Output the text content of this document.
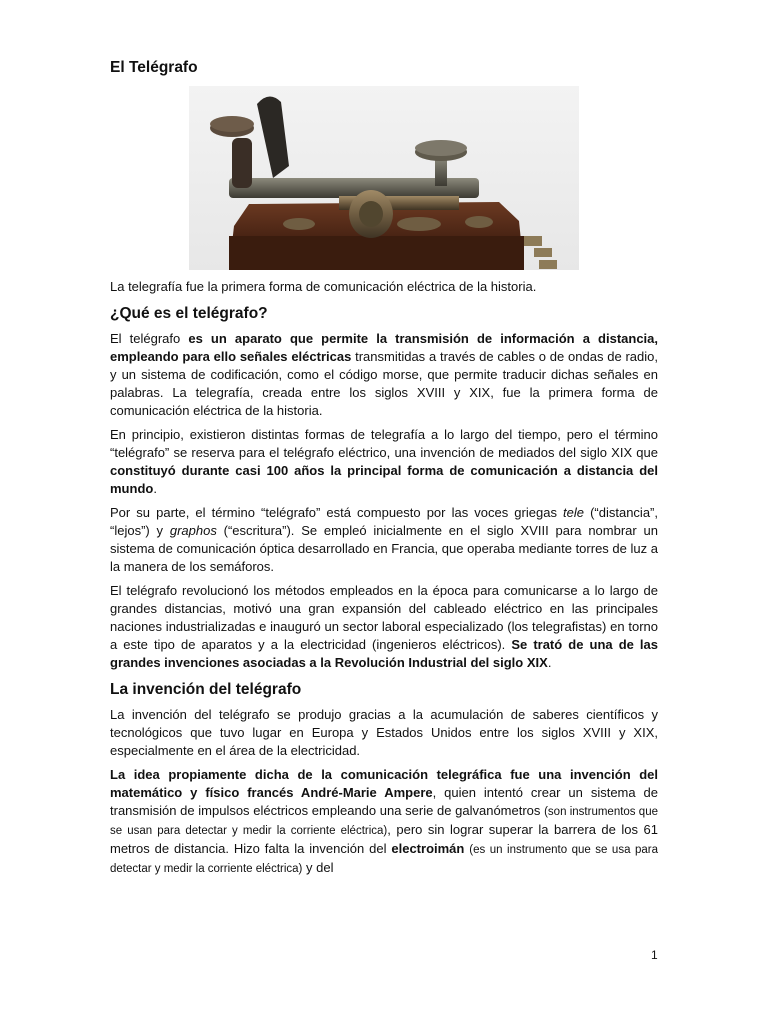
El Telégrafo

La telegrafía fue la primera forma de comunicación eléctrica de la historia.

¿Qué es el telégrafo?

El telégrafo es un aparato que permite la transmisión de información a distancia, empleando para ello señales eléctricas transmitidas a través de cables o de ondas de radio, y un sistema de codificación, como el código morse, que permite traducir dichas señales en palabras. La telegrafía, creada entre los siglos XVIII y XIX, fue la primera forma de comunicación eléctrica de la historia.

En principio, existieron distintas formas de telegrafía a lo largo del tiempo, pero el término “telégrafo” se reserva para el telégrafo eléctrico, una invención de mediados del siglo XIX que constituyó durante casi 100 años la principal forma de comunicación a distancia del mundo.

Por su parte, el término “telégrafo” está compuesto por las voces griegas tele (“distancia”, “lejos”) y graphos (“escritura”). Se empleó inicialmente en el siglo XVIII para nombrar un sistema de comunicación óptica desarrollado en Francia, que operaba mediante torres de luz a la manera de los semáforos.

El telégrafo revolucionó los métodos empleados en la época para comunicarse a lo largo de grandes distancias, motivó una gran expansión del cableado eléctrico en las principales naciones industrializadas e inauguró un sector laboral especializado (los telegrafistas) en torno a este tipo de aparatos y a la electricidad (ingenieros eléctricos). Se trató de una de las grandes invenciones asociadas a la Revolución Industrial del siglo XIX.

La invención del telégrafo

La invención del telégrafo se produjo gracias a la acumulación de saberes científicos y tecnológicos que tuvo lugar en Europa y Estados Unidos entre los siglos XVIII y XIX, especialmente en el área de la electricidad.

La idea propiamente dicha de la comunicación telegráfica fue una invención del matemático y físico francés André-Marie Ampere, quien intentó crear un sistema de transmisión de impulsos eléctricos empleando una serie de galvanómetros (son instrumentos que se usan para detectar y medir la corriente eléctrica), pero sin lograr superar la barrera de los 61 metros de distancia. Hizo falta la invención del electroimán (es un instrumento que se usa para detectar y medir la corriente eléctrica) y del

1
